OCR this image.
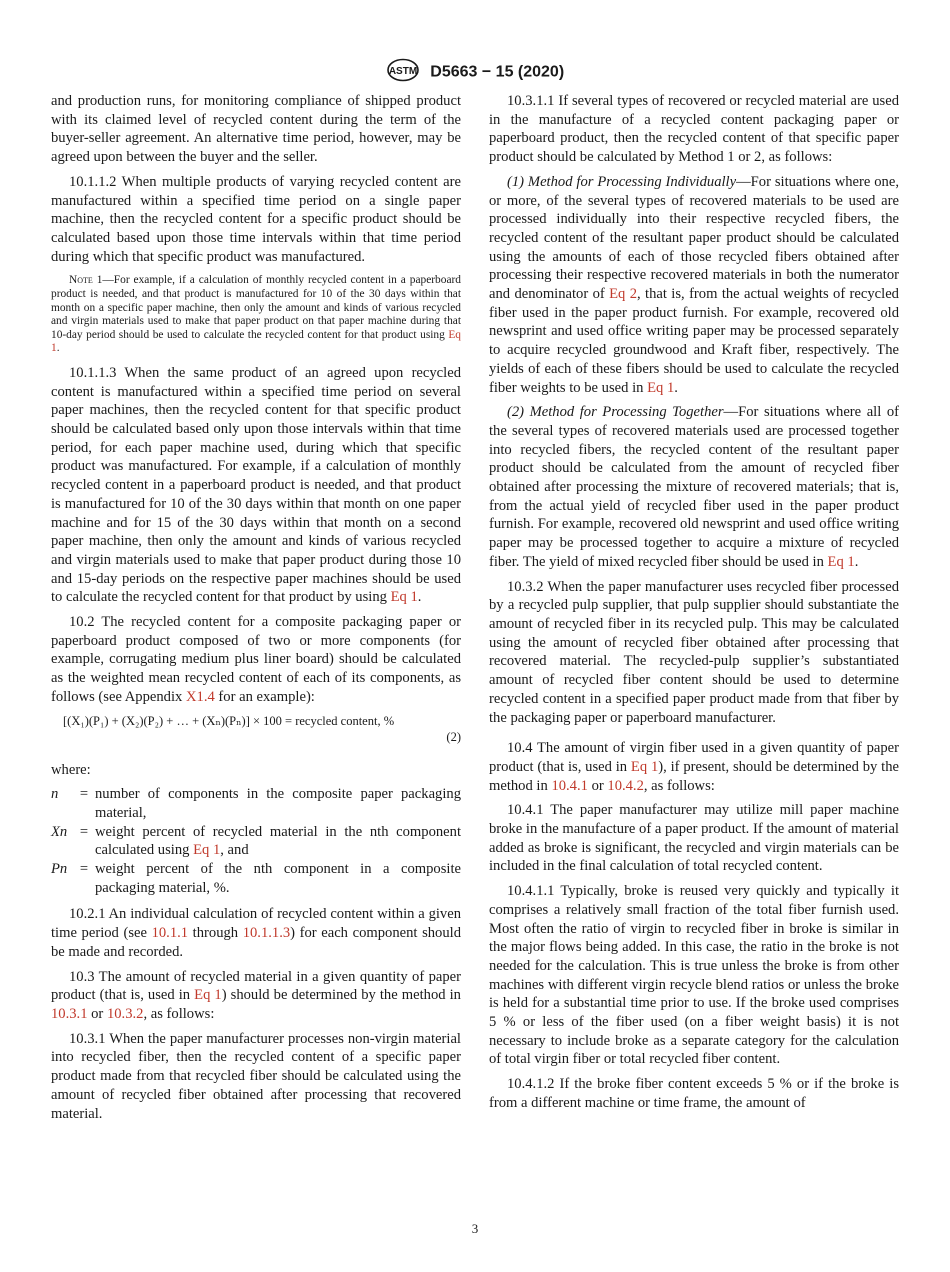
ASTM D5663 − 15 (2020)

and production runs, for monitoring compliance of shipped product with its claimed level of recycled content during the term of the buyer-seller agreement. An alternative time period, however, may be agreed upon between the buyer and the seller.

10.1.1.2 When multiple products of varying recycled content are manufactured within a specified time period on a single paper machine, then the recycled content for a specific product should be calculated based upon those time intervals within that time period during which that specific product was manufactured.

Note 1—For example, if a calculation of monthly recycled content in a paperboard product is needed, and that product is manufactured for 10 of the 30 days within that month on a specific paper machine, then only the amount and kinds of various recycled and virgin materials used to make that paper product on that paper machine during that 10-day period should be used to calculate the recycled content for that product using Eq 1.

10.1.1.3 When the same product of an agreed upon recycled content is manufactured within a specified time period on several paper machines, then the recycled content for that specific product should be calculated based only upon those intervals within that time period, for each paper machine used, during which that specific product was manufactured. For example, if a calculation of monthly recycled content in a paperboard product is needed, and that product is manufactured for 10 of the 30 days within that month on one paper machine and for 15 of the 30 days within that month on a second paper machine, then only the amount and kinds of various recycled and virgin materials used to make that paper product during those 10 and 15-day periods on the respective paper machines should be used to calculate the recycled content for that product by using Eq 1.

10.2 The recycled content for a composite packaging paper or paperboard product composed of two or more components (for example, corrugating medium plus liner board) should be calculated as the weighted mean recycled content of each of its components, as follows (see Appendix X1.4 for an example):

[(X₁)(P₁) + (X₂)(P₂) + … + (Xₙ)(Pₙ)] × 100 = recycled content, %
(2)

where:

n	= number of components in the composite paper packaging material,
Xn = weight percent of recycled material in the nth component calculated using Eq 1, and
Pn = weight percent of the nth component in a composite packaging material, %.

10.2.1 An individual calculation of recycled content within a given time period (see 10.1.1 through 10.1.1.3) for each component should be made and recorded.

10.3 The amount of recycled material in a given quantity of paper product (that is, used in Eq 1) should be determined by the method in 10.3.1 or 10.3.2, as follows:

10.3.1 When the paper manufacturer processes non-virgin material into recycled fiber, then the recycled content of a specific paper product made from that recycled fiber should be calculated using the amount of recycled fiber obtained after processing that recovered material.

10.3.1.1 If several types of recovered or recycled material are used in the manufacture of a recycled content packaging paper or paperboard product, then the recycled content of that specific paper product should be calculated by Method 1 or 2, as follows:

(1) Method for Processing Individually—For situations where one, or more, of the several types of recovered materials to be used are processed individually into their respective recycled fibers, the recycled content of the resultant paper product should be calculated using the amounts of each of those recycled fibers obtained after processing their respective recovered materials in both the numerator and denominator of Eq 2, that is, from the actual weights of recycled fiber used in the paper product furnish. For example, recovered old newsprint and used office writing paper may be processed separately to acquire recycled groundwood and Kraft fiber, respectively. The yields of each of these fibers should be used to calculate the recycled fiber weights to be used in Eq 1.

(2) Method for Processing Together—For situations where all of the several types of recovered materials used are processed together into recycled fibers, the recycled content of the resultant paper product should be calculated from the amount of recycled fiber obtained after processing the mixture of recovered materials; that is, from the actual yield of recycled fiber used in the paper product furnish. For example, recovered old newsprint and used office writing paper may be processed together to acquire a mixture of recycled fiber. The yield of mixed recycled fiber should be used in Eq 1.

10.3.2 When the paper manufacturer uses recycled fiber processed by a recycled pulp supplier, that pulp supplier should substantiate the amount of recycled fiber in its recycled pulp. This may be calculated using the amount of recycled fiber obtained after processing that recovered material. The recycled-pulp supplier’s substantiated amount of recycled fiber content should be used to determine recycled content in a specified paper product made from that fiber by the packaging paper or paperboard manufacturer.

10.4 The amount of virgin fiber used in a given quantity of paper product (that is, used in Eq 1), if present, should be determined by the method in 10.4.1 or 10.4.2, as follows:

10.4.1 The paper manufacturer may utilize mill paper machine broke in the manufacture of a paper product. If the amount of material added as broke is significant, the recycled and virgin materials can be included in the final calculation of total recycled content.

10.4.1.1 Typically, broke is reused very quickly and typically it comprises a relatively small fraction of the total fiber furnish used. Most often the ratio of virgin to recycled fiber in broke is similar in the major flows being added. In this case, the ratio in the broke is not needed for the calculation. This is true unless the broke is from other machines with different virgin recycle blend ratios or unless the broke is held for a substantial time prior to use. If the broke used comprises 5 % or less of the fiber used (on a fiber weight basis) it is not necessary to include broke as a separate category for the calculation of total virgin fiber or total recycled fiber content.

10.4.1.2 If the broke fiber content exceeds 5 % or if the broke is from a different machine or time frame, the amount of

3
